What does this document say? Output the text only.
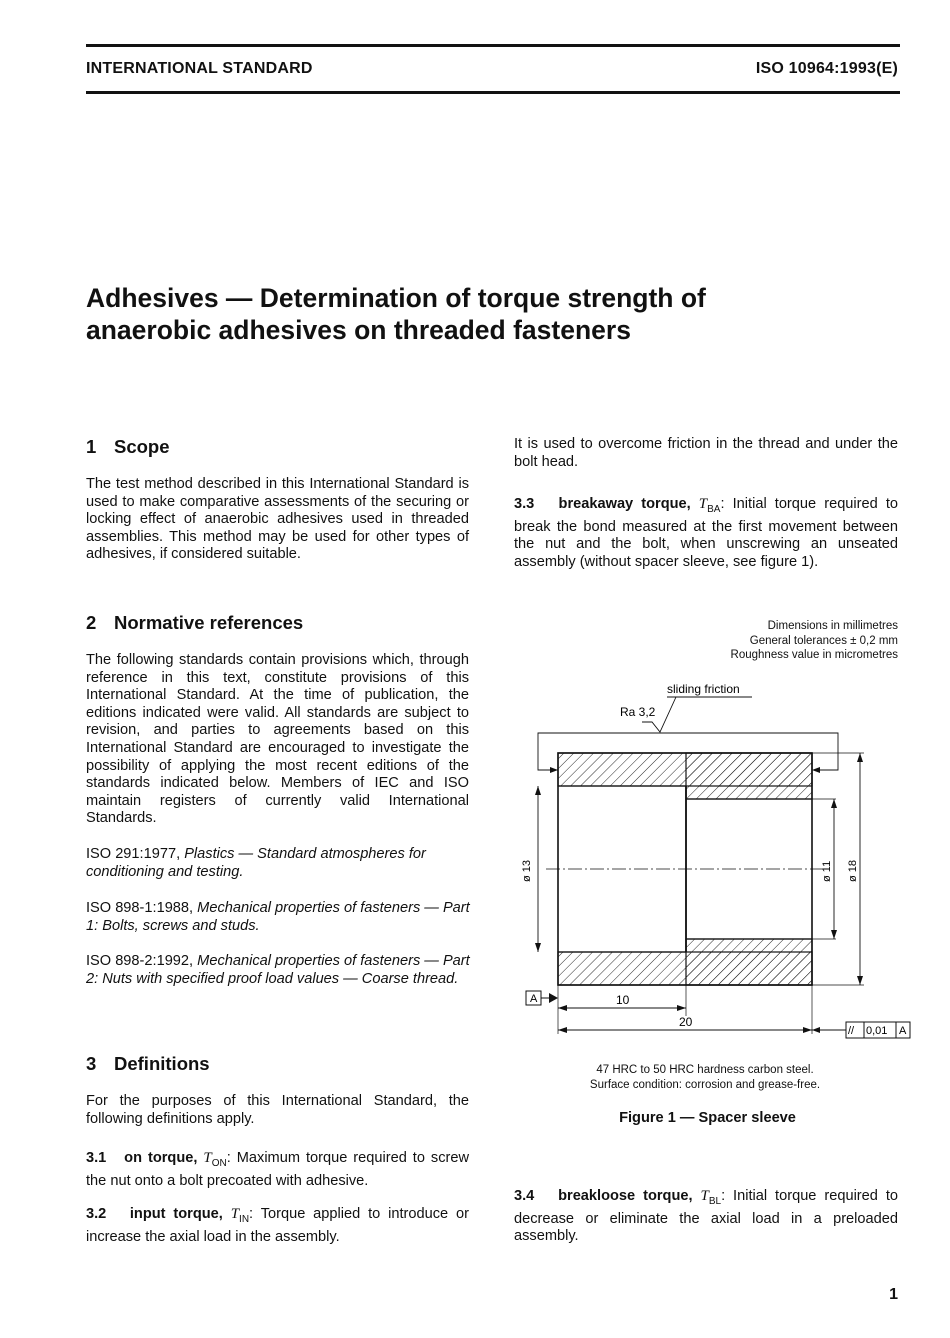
INTERNATIONAL STANDARD	ISO 10964:1993(E)
Adhesives — Determination of torque strength of
anaerobic adhesives on threaded fasteners
1 Scope
The test method described in this International Standard is used to make comparative assessments of the securing or locking effect of anaerobic adhesives used in threaded assemblies. This method may be used for other types of adhesives, if considered suitable.
2 Normative references
The following standards contain provisions which, through reference in this text, constitute provisions of this International Standard. At the time of publication, the editions indicated were valid. All standards are subject to revision, and parties to agreements based on this International Standard are encouraged to investigate the possibility of applying the most recent editions of the standards indicated below. Members of IEC and ISO maintain registers of currently valid International Standards.
ISO 291:1977, Plastics — Standard atmospheres for conditioning and testing.
ISO 898-1:1988, Mechanical properties of fasteners — Part 1: Bolts, screws and studs.
ISO 898-2:1992, Mechanical properties of fasteners — Part 2: Nuts with specified proof load values — Coarse thread.
3 Definitions
For the purposes of this International Standard, the following definitions apply.
3.1 on torque, $T_{ON}$: Maximum torque required to screw the nut onto a bolt precoated with adhesive.
3.2 input torque, $T_{IN}$: Torque applied to introduce or increase the axial load in the assembly.
It is used to overcome friction in the thread and under the bolt head.
3.3 breakaway torque, $T_{BA}$: Initial torque required to break the bond measured at the first movement between the nut and the bolt, when unscrewing an unseated assembly (without spacer sleeve, see figure 1).
Dimensions in millimetres
General tolerances ± 0,2 mm
Roughness value in micrometres
sliding friction
Ra 3,2
ø 13	ø 11 ø 18
A	10
20
// 0,01 A
47 HRC to 50 HRC hardness carbon steel.
Surface condition: corrosion and grease-free.
Figure 1 — Spacer sleeve
3.4 breakloose torque, $T_{BL}$: Initial torque required to decrease or eliminate the axial load in a preloaded assembly.
1
